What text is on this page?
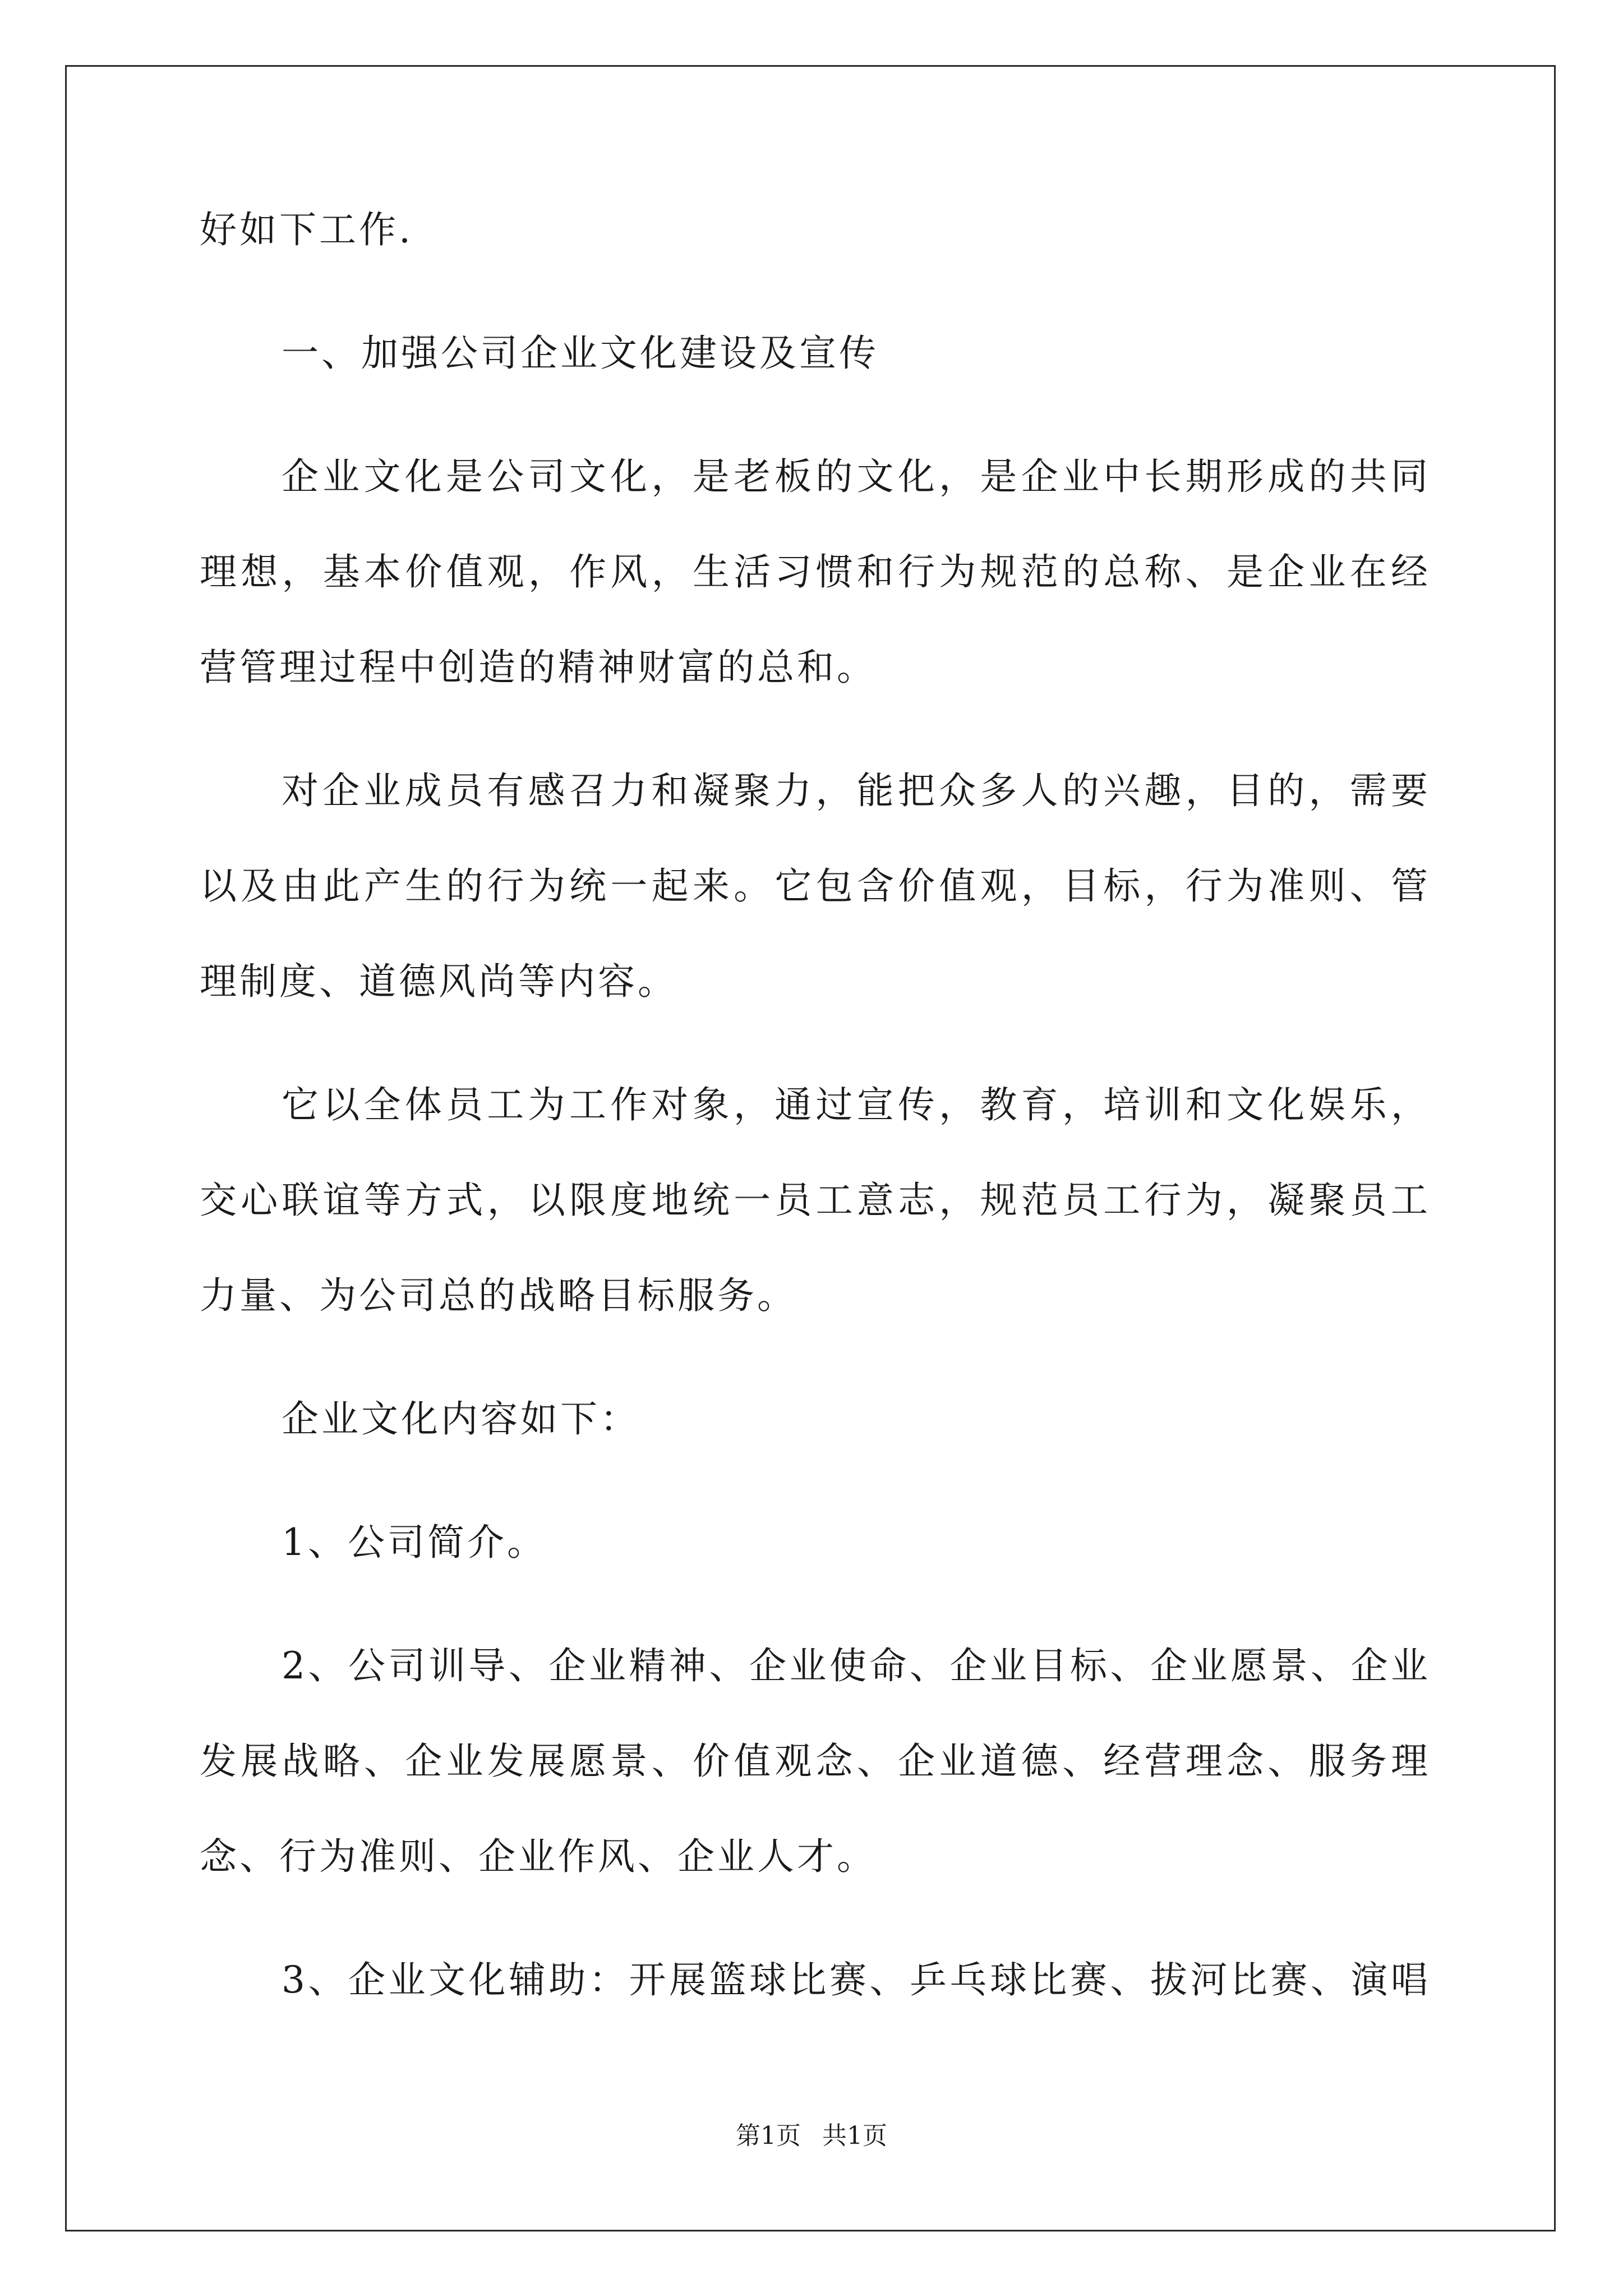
好如下工作.
一、加强公司企业文化建设及宣传
企业文化是公司文化，是老板的文化，是企业中长期形成的共同
理想，基本价值观，作风，生活习惯和行为规范的总称、是企业在经
营管理过程中创造的精神财富的总和。
对企业成员有感召力和凝聚力，能把众多人的兴趣，目的，需要
以及由此产生的行为统一起来。它包含价值观，目标，行为准则、管
理制度、道德风尚等内容。
它以全体员工为工作对象，通过宣传，教育，培训和文化娱乐，
交心联谊等方式，以限度地统一员工意志，规范员工行为，凝聚员工
力量、为公司总的战略目标服务。
企业文化内容如下：
1、公司简介。
2、公司训导、企业精神、企业使命、企业目标、企业愿景、企业
发展战略、企业发展愿景、价值观念、企业道德、经营理念、服务理
念、行为准则、企业作风、企业人才。
3、企业文化辅助：开展篮球比赛、乒乓球比赛、拔河比赛、演唱
第1页 共1页
